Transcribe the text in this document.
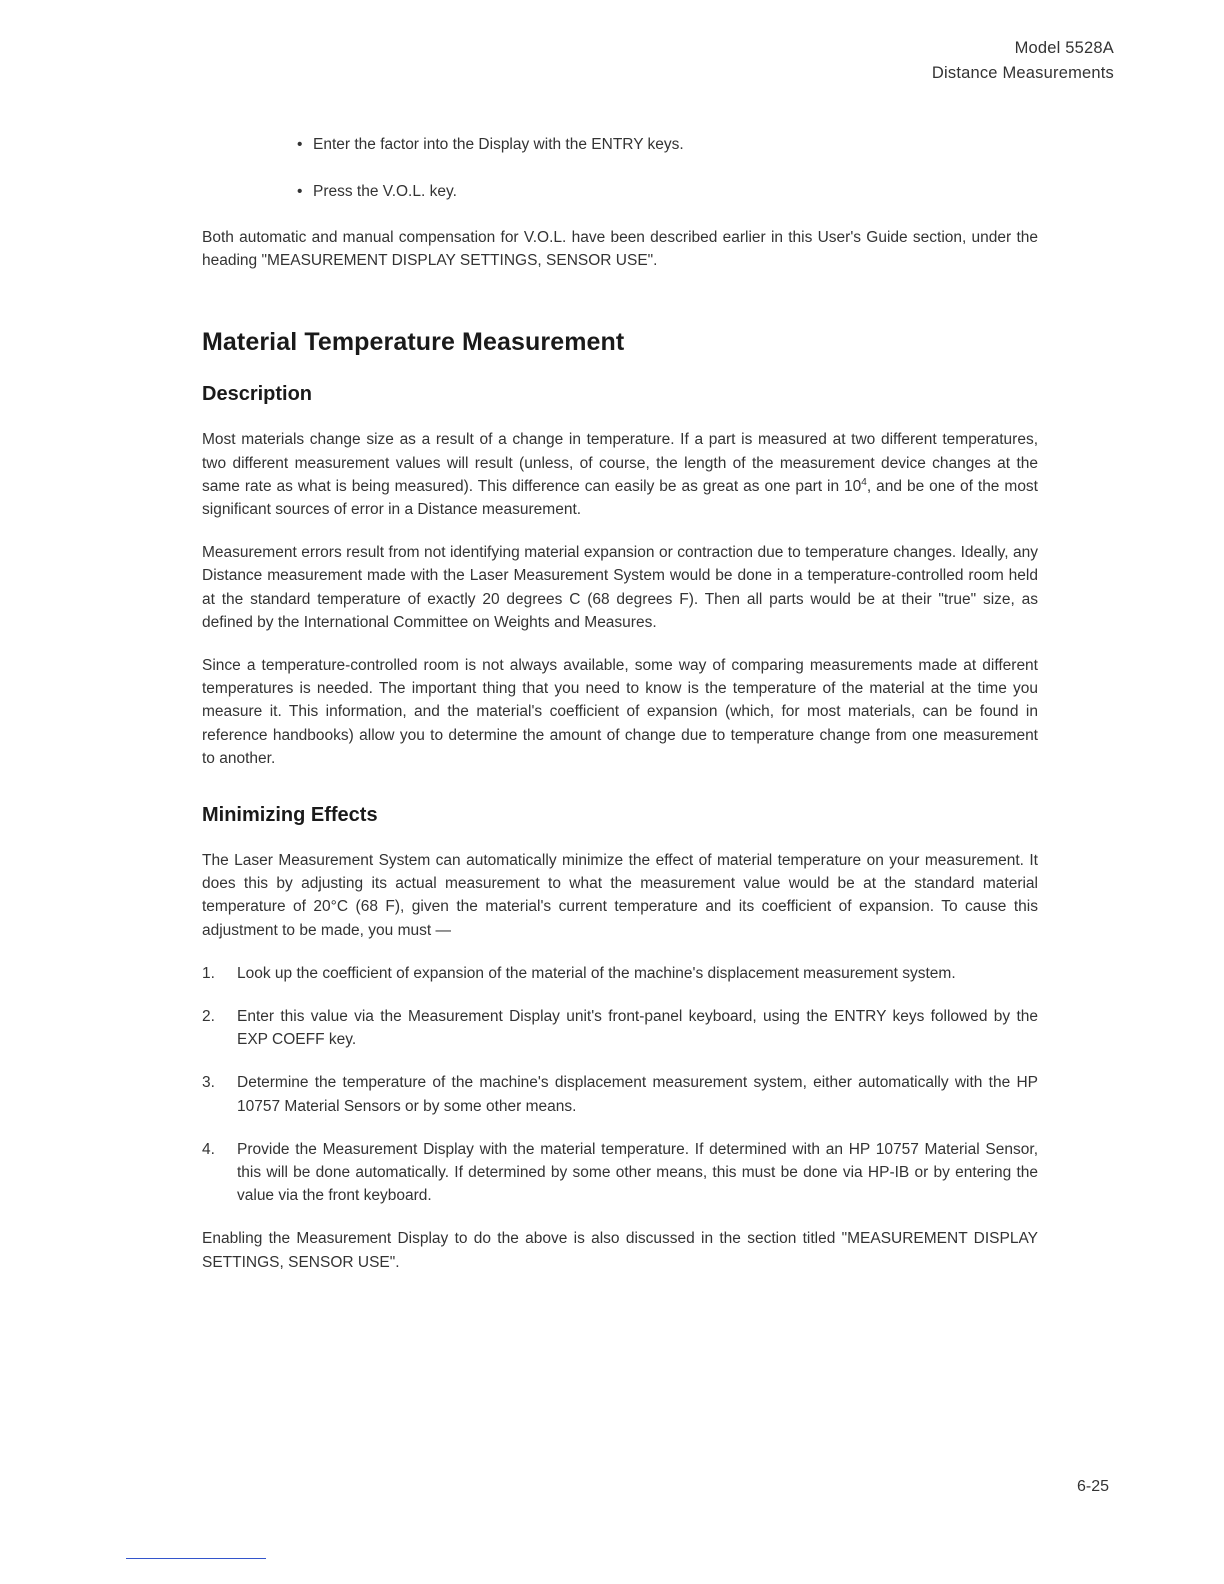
Model 5528A
Distance Measurements
• Enter the factor into the Display with the ENTRY keys.
• Press the V.O.L. key.

Both automatic and manual compensation for V.O.L. have been described earlier in this User's Guide section, under the heading "MEASUREMENT DISPLAY SETTINGS, SENSOR USE".

Material Temperature Measurement
Description

Most materials change size as a result of a change in temperature. If a part is measured at two different temperatures, two different measurement values will result (unless, of course, the length of the measurement device changes at the same rate as what is being measured). This difference can easily be as great as one part in $10^4$, and be one of the most significant sources of error in a Distance measurement.

Measurement errors result from not identifying material expansion or contraction due to temperature changes. Ideally, any Distance measurement made with the Laser Measurement System would be done in a temperature-controlled room held at the standard temperature of exactly 20 degrees C (68 degrees F). Then all parts would be at their "true" size, as defined by the International Committee on Weights and Measures.

Since a temperature-controlled room is not always available, some way of comparing measurements made at different temperatures is needed. The important thing that you need to know is the temperature of the material at the time you measure it. This information, and the material's coefficient of expansion (which, for most materials, can be found in reference handbooks) allow you to determine the amount of change due to temperature change from one measurement to another.

Minimizing Effects

The Laser Measurement System can automatically minimize the effect of material temperature on your measurement. It does this by adjusting its actual measurement to what the measurement value would be at the standard material temperature of 20°C (68 F), given the material's current temperature and its coefficient of expansion. To cause this adjustment to be made, you must —

1.	Look up the coefficient of expansion of the material of the machine's displacement measurement system.
2.	Enter this value via the Measurement Display unit's front-panel keyboard, using the ENTRY keys followed by the EXP COEFF key.
3.	Determine the temperature of the machine's displacement measurement system, either automatically with the HP 10757 Material Sensors or by some other means.
4.	Provide the Measurement Display with the material temperature. If determined with an HP 10757 Material Sensor, this will be done automatically. If determined by some other means, this must be done via HP-IB or by entering the value via the front keyboard.

Enabling the Measurement Display to do the above is also discussed in the section titled "MEASUREMENT DISPLAY SETTINGS, SENSOR USE".

6-25
